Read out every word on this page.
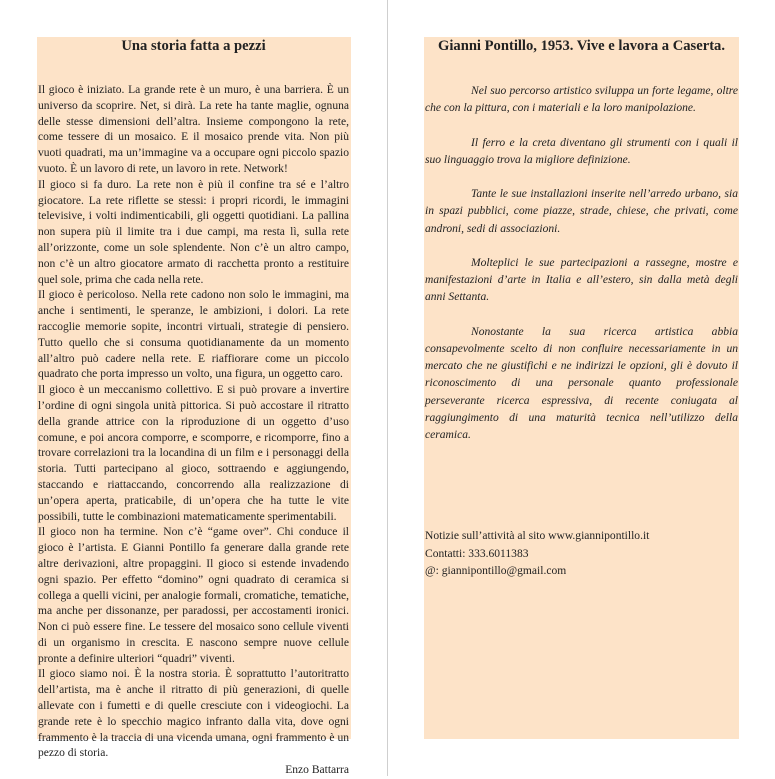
Una storia fatta a pezzi

Il gioco è iniziato. La grande rete è un muro, è una barriera. È un universo da scoprire. Net, si dirà. La rete ha tante maglie, ognuna delle stesse dimensioni dell’altra. Insieme compongono la rete, come tessere di un mosaico. E il mosaico prende vita. Non più vuoti quadrati, ma un’immagine va a occupare ogni piccolo spazio vuoto. È un lavoro di rete, un lavoro in rete. Network!

Il gioco si fa duro. La rete non è più il confine tra sé e l’altro giocatore. La rete riflette se stessi: i propri ricordi, le immagini televisive, i volti indimenticabili, gli oggetti quotidiani. La pallina non supera più il limite tra i due campi, ma resta lì, sulla rete all’orizzonte, come un sole splendente. Non c’è un altro campo, non c’è un altro giocatore armato di racchetta pronto a restituire quel sole, prima che cada nella rete.

Il gioco è pericoloso. Nella rete cadono non solo le immagini, ma anche i sentimenti, le speranze, le ambizioni, i dolori. La rete raccoglie memorie sopite, incontri virtuali, strategie di pensiero. Tutto quello che si consuma quotidianamente da un momento all’altro può cadere nella rete. E riaffiorare come un piccolo quadrato che porta impresso un volto, una figura, un oggetto caro.

Il gioco è un meccanismo collettivo. E si può provare a invertire l’ordine di ogni singola unità pittorica. Si può accostare il ritratto della grande attrice con la riproduzione di un oggetto d’uso comune, e poi ancora comporre, e scomporre, e ricomporre, fino a trovare correlazioni tra la locandina di un film e i personaggi della storia. Tutti partecipano al gioco, sottraendo e aggiungendo, staccando e riattaccando, concorrendo alla realizzazione di un’opera aperta, praticabile, di un’opera che ha tutte le vite possibili, tutte le combinazioni matematicamente sperimentabili.

Il gioco non ha termine. Non c’è “game over”. Chi conduce il gioco è l’artista. E Gianni Pontillo fa generare dalla grande rete altre derivazioni, altre propaggini. Il gioco si estende invadendo ogni spazio. Per effetto “domino” ogni quadrato di ceramica si collega a quelli vicini, per analogie formali, cromatiche, tematiche, ma anche per dissonanze, per paradossi, per accostamenti ironici. Non ci può essere fine. Le tessere del mosaico sono cellule viventi di un organismo in crescita. E nascono sempre nuove cellule pronte a definire ulteriori “quadri” viventi.

Il gioco siamo noi. È la nostra storia. È soprattutto l’autoritratto dell’artista, ma è anche il ritratto di più generazioni, di quelle allevate con i fumetti e di quelle cresciute con i videogiochi. La grande rete è lo specchio magico infranto dalla vita, dove ogni frammento è la traccia di una vicenda umana, ogni frammento è un pezzo di storia.

Enzo Battarra
Gianni Pontillo, 1953. Vive e lavora a Caserta.

Nel suo percorso artistico sviluppa un forte legame, oltre che con la pittura, con i materiali e la loro manipolazione.

Il ferro e la creta diventano gli strumenti con i quali il suo linguaggio trova la migliore definizione.

Tante le sue installazioni inserite nell’arredo urbano, sia in spazi pubblici, come piazze, strade, chiese, che privati, come androni, sedi di associazioni.

Molteplici le sue partecipazioni a rassegne, mostre e manifestazioni d’arte in Italia e all’estero, sin dalla metà degli anni Settanta.

Nonostante la sua ricerca artistica abbia consapevolmente scelto di non confluire necessariamente in un mercato che ne giustifichi e ne indirizzi le opzioni, gli è dovuto il riconoscimento di una personale quanto professionale perseverante ricerca espressiva, di recente coniugata al raggiungimento di una maturità tecnica nell’utilizzo della ceramica.

Notizie sull’attività al sito www.giannipontillo.it
Contatti: 333.6011383
@: giannipontillo@gmail.com
